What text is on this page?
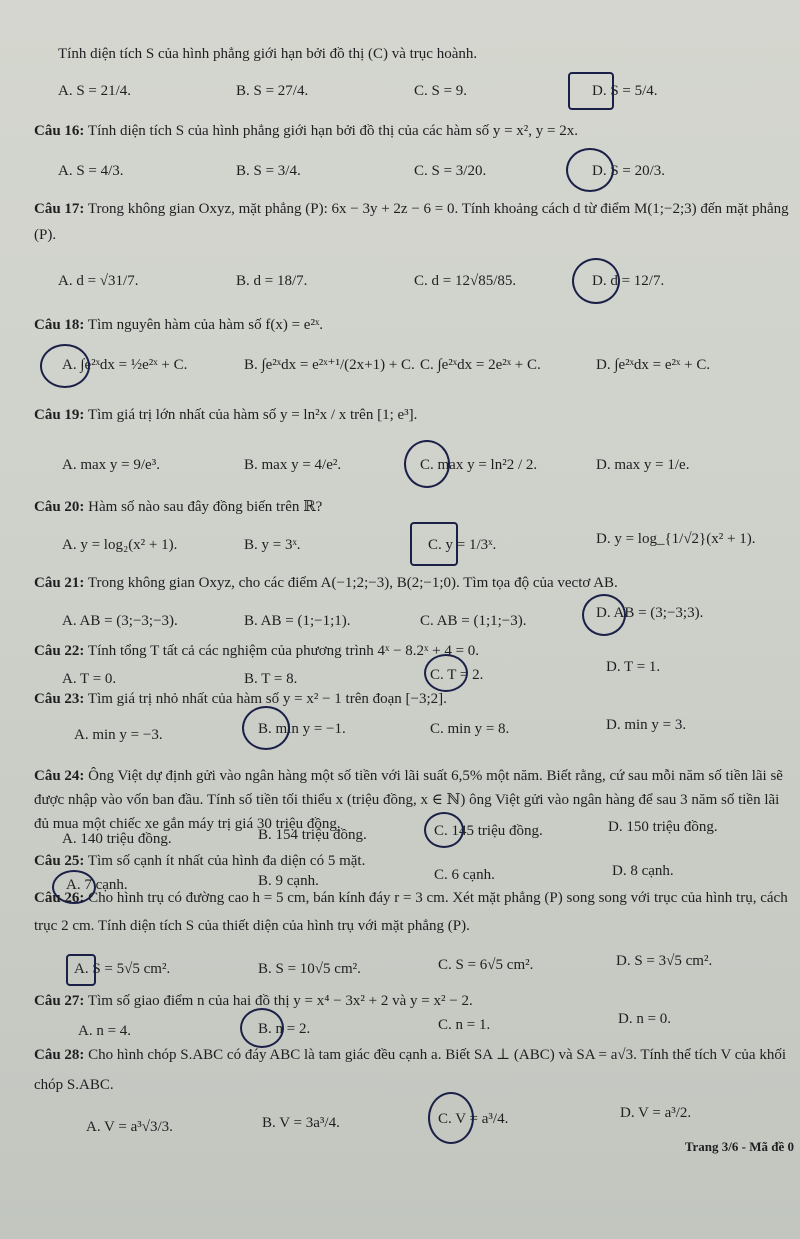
Tính diện tích S của hình phẳng giới hạn bởi đồ thị (C) và trục hoành.
A. S = 21/4.	B. S = 27/4.	C. S = 9.	D. S = 5/4.
Câu 16: Tính diện tích S của hình phẳng giới hạn bởi đồ thị của các hàm số y = x², y = 2x.
A. S = 4/3.	B. S = 3/4.	C. S = 3/20.	D. S = 20/3.
Câu 17: Trong không gian Oxyz, mặt phẳng (P): 6x − 3y + 2z − 6 = 0. Tính khoảng cách d từ điểm M(1;−2;3) đến mặt phẳng (P).
A. d = √31/7.	B. d = 18/7.	C. d = 12√85/85.	D. d = 12/7.
Câu 18: Tìm nguyên hàm của hàm số f(x) = e²ˣ.
A. ∫e²ˣdx = ½e²ˣ + C.	B. ∫e²ˣdx = e²ˣ⁺¹/(2x+1) + C. C. ∫e²ˣdx = 2e²ˣ + C.	D. ∫e²ˣdx = e²ˣ + C.
Câu 19: Tìm giá trị lớn nhất của hàm số y = ln²x / x trên [1; e³].
A. max y = 9/e³.	B. max y = 4/e².	C. max y = ln²2 / 2.	D. max y = 1/e.
Câu 20: Hàm số nào sau đây đồng biến trên ℝ?
A. y = log₂(x² + 1).	B. y = 3ˣ.	C. y = 1/3ˣ.	D. y = log_{1/√2}(x² + 1).
Câu 21: Trong không gian Oxyz, cho các điểm A(−1;2;−3), B(2;−1;0). Tìm tọa độ của vectơ AB.
A. AB = (3;−3;−3).	B. AB = (1;−1;1).	C. AB = (1;1;−3).	D. AB = (3;−3;3).
Câu 22: Tính tổng T tất cả các nghiệm của phương trình 4ˣ − 8.2ˣ + 4 = 0.
A. T = 0.	B. T = 8.	C. T = 2.	D. T = 1.
Câu 23: Tìm giá trị nhỏ nhất của hàm số y = x² − 1 trên đoạn [−3;2].
A. min y = −3.	B. min y = −1.	C. min y = 8.	D. min y = 3.
Câu 24: Ông Việt dự định gửi vào ngân hàng một số tiền với lãi suất 6,5% một năm. Biết rằng, cứ sau mỗi năm số tiền lãi sẽ được nhập vào vốn ban đầu. Tính số tiền tối thiểu x (triệu đồng, x ∈ ℕ) ông Việt gửi vào ngân hàng để sau 3 năm số tiền lãi đủ mua một chiếc xe gắn máy trị giá 30 triệu đồng.
A. 140 triệu đồng.	B. 154 triệu đồng.	C. 145 triệu đồng.	D. 150 triệu đồng.
Câu 25: Tìm số cạnh ít nhất của hình đa diện có 5 mặt.
A. 7 cạnh.	B. 9 cạnh.	C. 6 cạnh.	D. 8 cạnh.
Câu 26: Cho hình trụ có đường cao h = 5 cm, bán kính đáy r = 3 cm. Xét mặt phẳng (P) song song với trục của hình trụ, cách trục 2 cm. Tính diện tích S của thiết diện của hình trụ với mặt phẳng (P).
A. S = 5√5 cm².	B. S = 10√5 cm².	C. S = 6√5 cm².	D. S = 3√5 cm².
Câu 27: Tìm số giao điểm n của hai đồ thị y = x⁴ − 3x² + 2 và y = x² − 2.
A. n = 4.	B. n = 2.	C. n = 1.	D. n = 0.
Câu 28: Cho hình chóp S.ABC có đáy ABC là tam giác đều cạnh a. Biết SA ⊥ (ABC) và SA = a√3. Tính thể tích V của khối chóp S.ABC.
A. V = a³√3/3.	B. V = 3a³/4.	C. V = a³/4.	D. V = a³/2.
Trang 3/6 - Mã đề 0
